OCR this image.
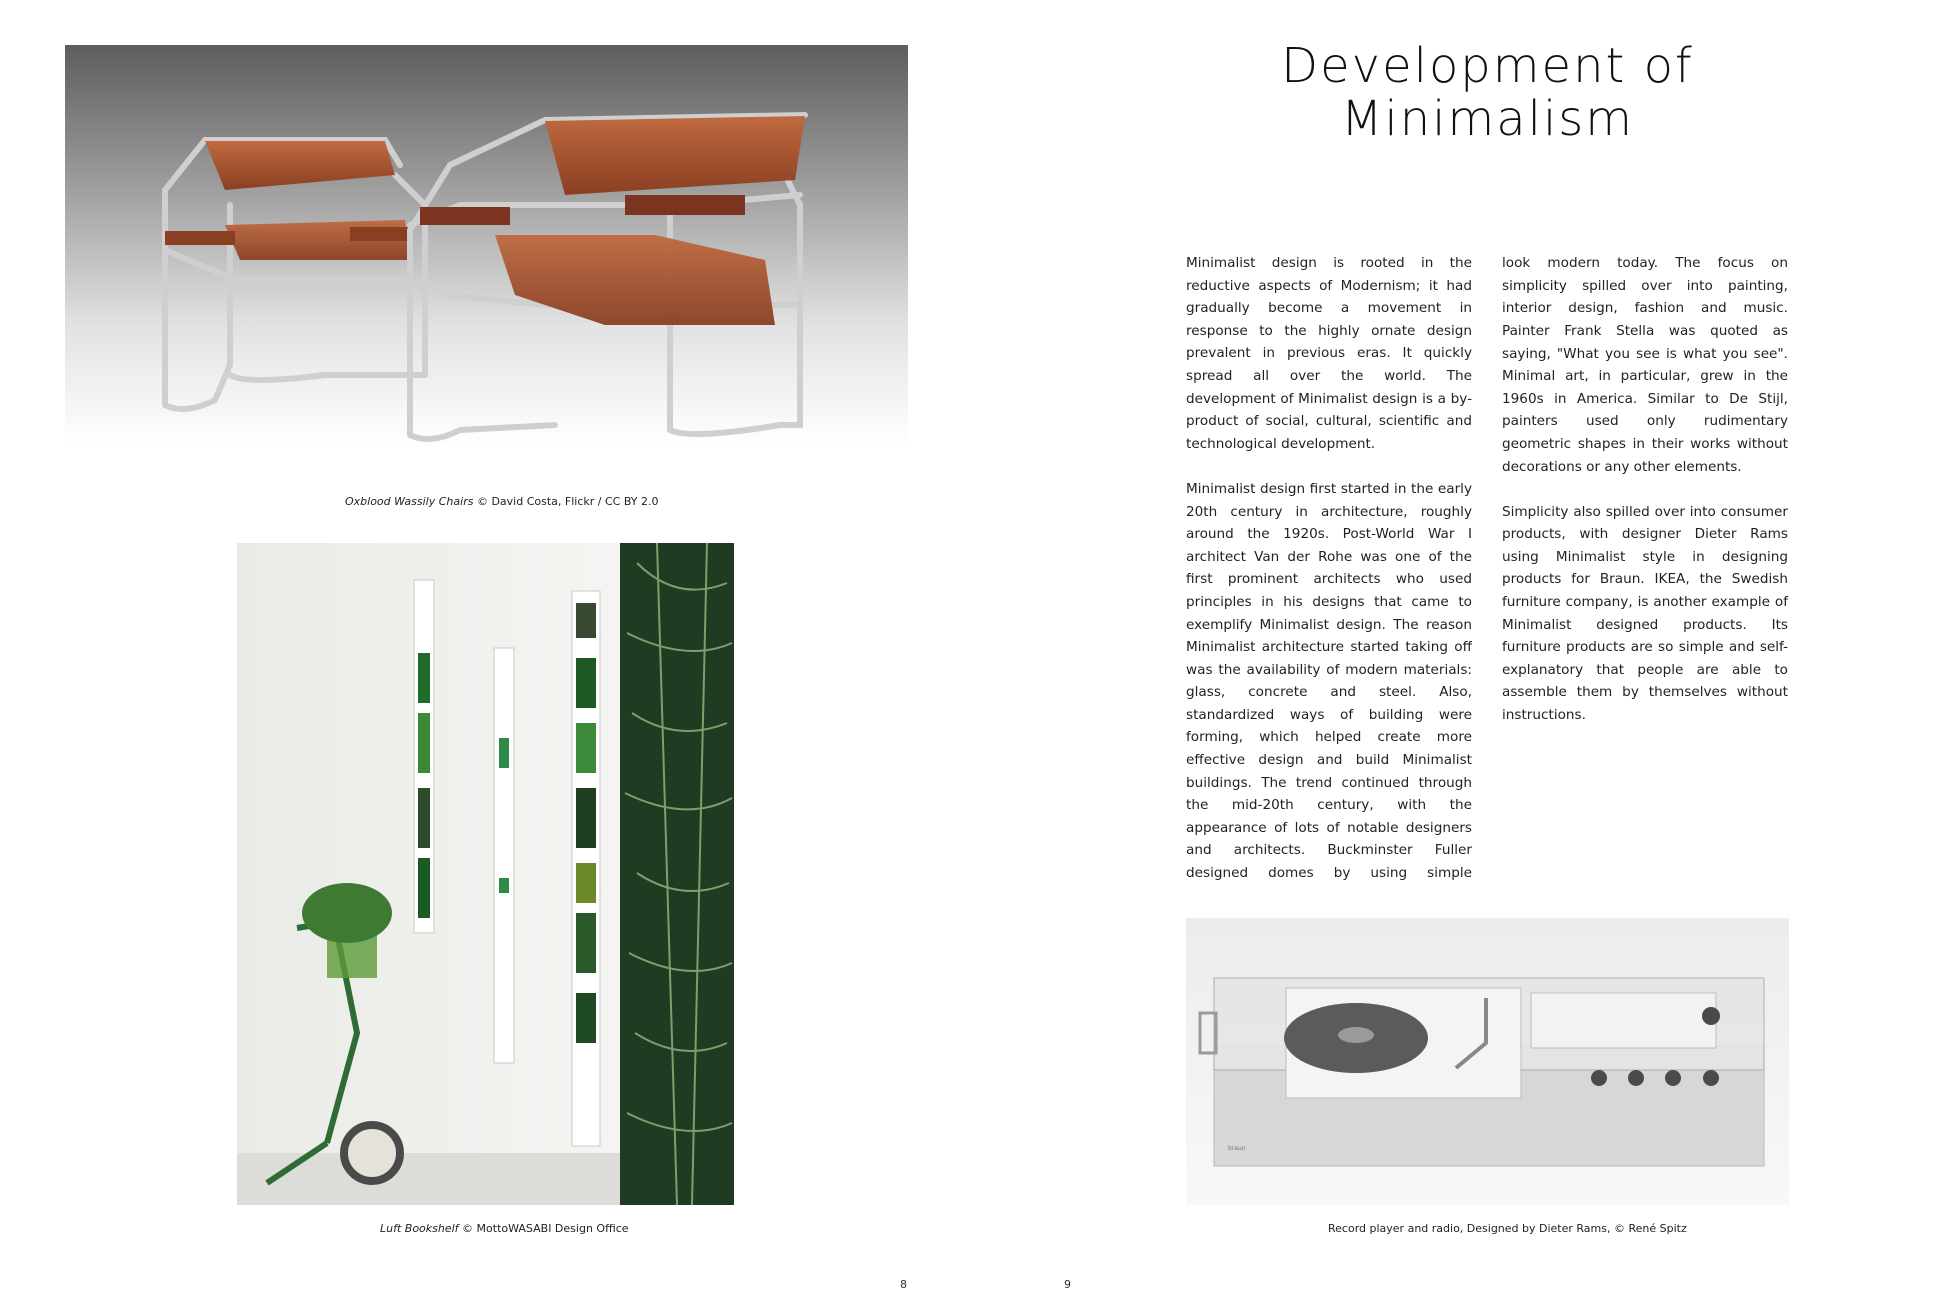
Oxblood Wassily Chairs © David Costa, Flickr / CC BY 2.0
Luft Bookshelf © MottoWASABI Design Office
Development of Minimalism

Minimalist design is rooted in the reductive aspects of Modernism; it had gradually become a movement in response to the highly ornate design prevalent in previous eras. It quickly spread all over the world. The development of Minimalist design is a by-product of social, cultural, scientific and technological development.

Minimalist design first started in the early 20th century in architecture, roughly around the 1920s. Post-World War I architect Van der Rohe was one of the first prominent architects who used principles in his designs that came to exemplify Minimalist design. The reason Minimalist architecture started taking off was the availability of modern materials: glass, concrete and steel. Also, standardized ways of building were forming, which helped create more effective design and build Minimalist buildings. The trend continued through the mid-20th century, with the appearance of lots of notable designers and architects. Buckminster Fuller designed domes by using simple

look modern today. The focus on simplicity spilled over into painting, interior design, fashion and music. Painter Frank Stella was quoted as saying, "What you see is what you see". Minimal art, in particular, grew in the 1960s in America. Similar to De Stijl, painters used only rudimentary geometric shapes in their works without decorations or any other elements.

Simplicity also spilled over into consumer products, with designer Dieter Rams using Minimalist style in designing products for Braun. IKEA, the Swedish furniture company, is another example of Minimalist designed products. Its furniture products are so simple and self-explanatory that people are able to assemble them by themselves without instructions.

braun
Record player and radio, Designed by Dieter Rams, © René Spitz
8	9
